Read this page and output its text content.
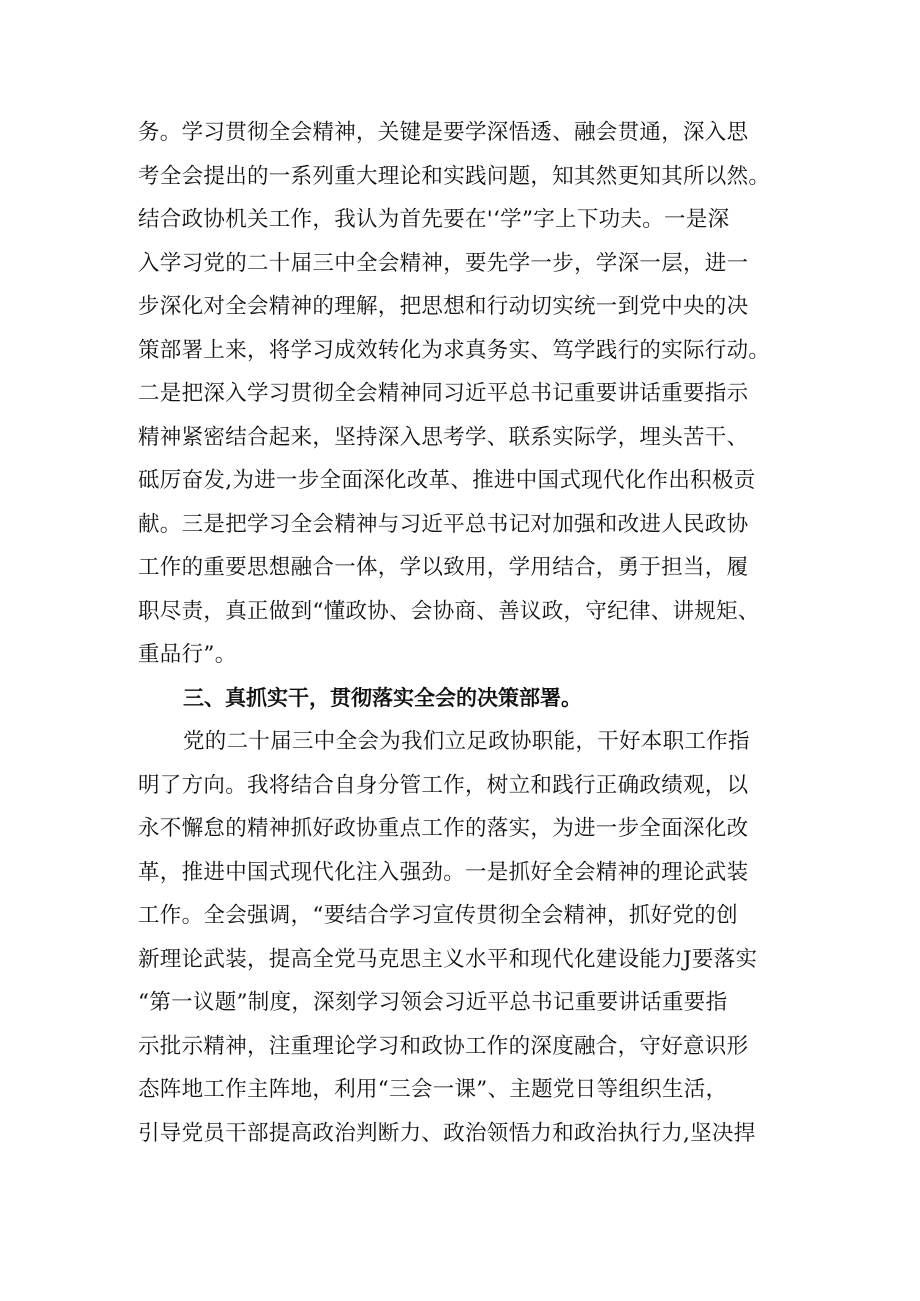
务。学习贯彻全会精神，关键是要学深悟透、融会贯通，深入思
考全会提出的一系列重大理论和实践问题，知其然更知其所以然。
结合政协机关工作，我认为首先要在'‘学”字上下功夫。一是深
入学习党的二十届三中全会精神，要先学一步，学深一层，进一
步深化对全会精神的理解，把思想和行动切实统一到党中央的决
策部署上来，将学习成效转化为求真务实、笃学践行的实际行动。
二是把深入学习贯彻全会精神同习近平总书记重要讲话重要指示
精神紧密结合起来，坚持深入思考学、联系实际学，埋头苦干、
砥厉奋发,为进一步全面深化改革、推进中国式现代化作出积极贡
献。三是把学习全会精神与习近平总书记对加强和改进人民政协
工作的重要思想融合一体，学以致用，学用结合，勇于担当，履
职尽责，真正做到“懂政协、会协商、善议政，守纪律、讲规矩、
重品行”。
三、真抓实干，贯彻落实全会的决策部署。
党的二十届三中全会为我们立足政协职能，干好本职工作指
明了方向。我将结合自身分管工作，树立和践行正确政绩观，以
永不懈怠的精神抓好政协重点工作的落实，为进一步全面深化改
革，推进中国式现代化注入强劲。一是抓好全会精神的理论武装
工作。全会强调，“要结合学习宣传贯彻全会精神，抓好党的创
新理论武装，提高全党马克思主义水平和现代化建设能力J要落实
“第一议题”制度，深刻学习领会习近平总书记重要讲话重要指
示批示精神，注重理论学习和政协工作的深度融合，守好意识形
态阵地工作主阵地，利用“三会一课”、主题党日等组织生活，
引导党员干部提高政治判断力、政治领悟力和政治执行力,坚决捍
